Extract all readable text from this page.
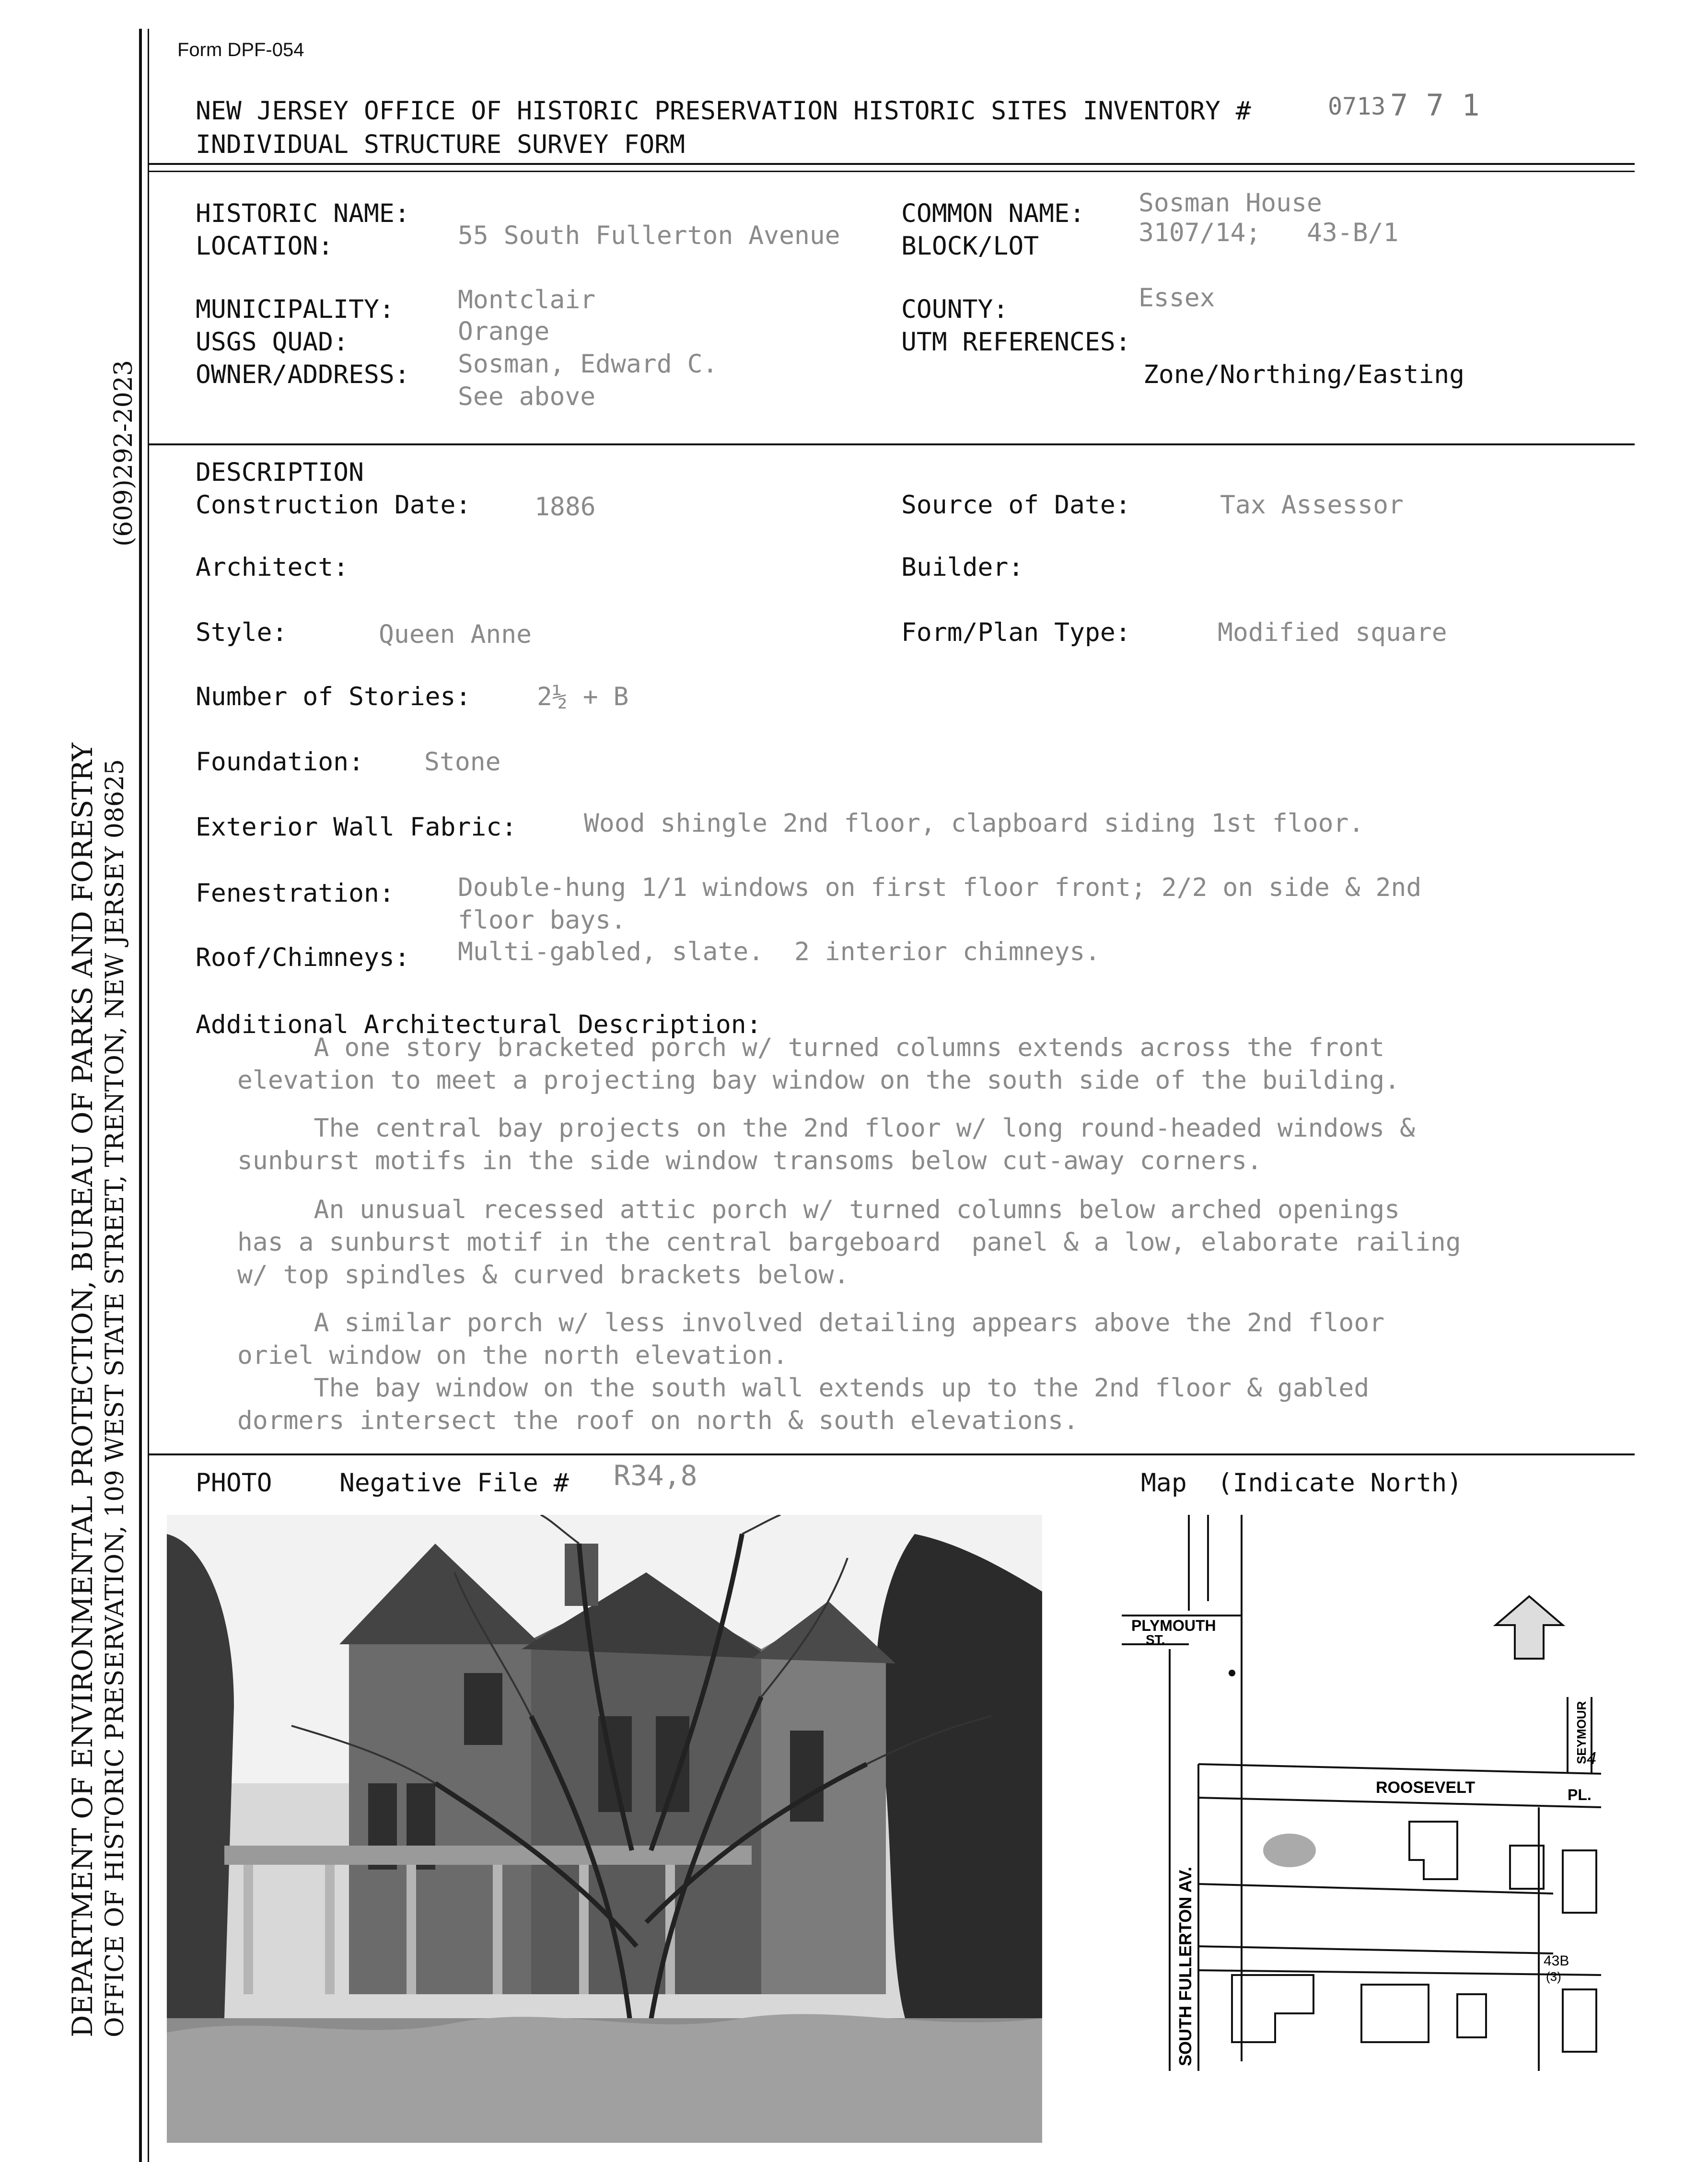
(609)292-2023
DEPARTMENT OF ENVIRONMENTAL PROTECTION, BUREAU OF PARKS AND FORESTRY OFFICE OF HISTORIC PRESERVATION, 109 WEST STATE STREET, TRENTON, NEW JERSEY 08625
Form DPF-054
NEW JERSEY OFFICE OF HISTORIC PRESERVATION HISTORIC SITES INVENTORY #	0713 7 7 1
INDIVIDUAL STRUCTURE SURVEY FORM
HISTORIC NAME:
LOCATION:	55 South Fullerton Avenue
COMMON NAME: Sosman House
BLOCK/LOT	3107/14;   43-B/1
MUNICIPALITY: Montclair
USGS QUAD:	Orange
OWNER/ADDRESS: Sosman, Edward C.
See above
COUNTY:	Essex
UTM REFERENCES:
Zone/Northing/Easting
DESCRIPTION
Construction Date:	1886	Source of Date:	Tax Assessor
Architect:	Builder:
Style:	Queen Anne	Form/Plan Type:	Modified square
Number of Stories:	2½ + B
Foundation: Stone
Exterior Wall Fabric:	Wood shingle 2nd floor, clapboard siding 1st floor.
Fenestration: Double-hung 1/1 windows on first floor front; 2/2 on side & 2nd
floor bays.
Roof/Chimneys: Multi-gabled, slate.  2 interior chimneys.
Additional Architectural Description:
A one story bracketed porch w/ turned columns extends across the front
elevation to meet a projecting bay window on the south side of the building.
The central bay projects on the 2nd floor w/ long round-headed windows &
sunburst motifs in the side window transoms below cut-away corners.
An unusual recessed attic porch w/ turned columns below arched openings
has a sunburst motif in the central bargeboard  panel & a low, elaborate railing
w/ top spindles & curved brackets below.
A similar porch w/ less involved detailing appears above the 2nd floor
oriel window on the north elevation.
The bay window on the south wall extends up to the 2nd floor & gabled
dormers intersect the roof on north & south elevations.
PHOTO	Negative File # R34,8	Map  (Indicate North)
PLYMOUTH
ST.
ROOSEVELT	PL.
SEYMOUR
SOUTH FULLERTON AV.	43B
(3)
4
